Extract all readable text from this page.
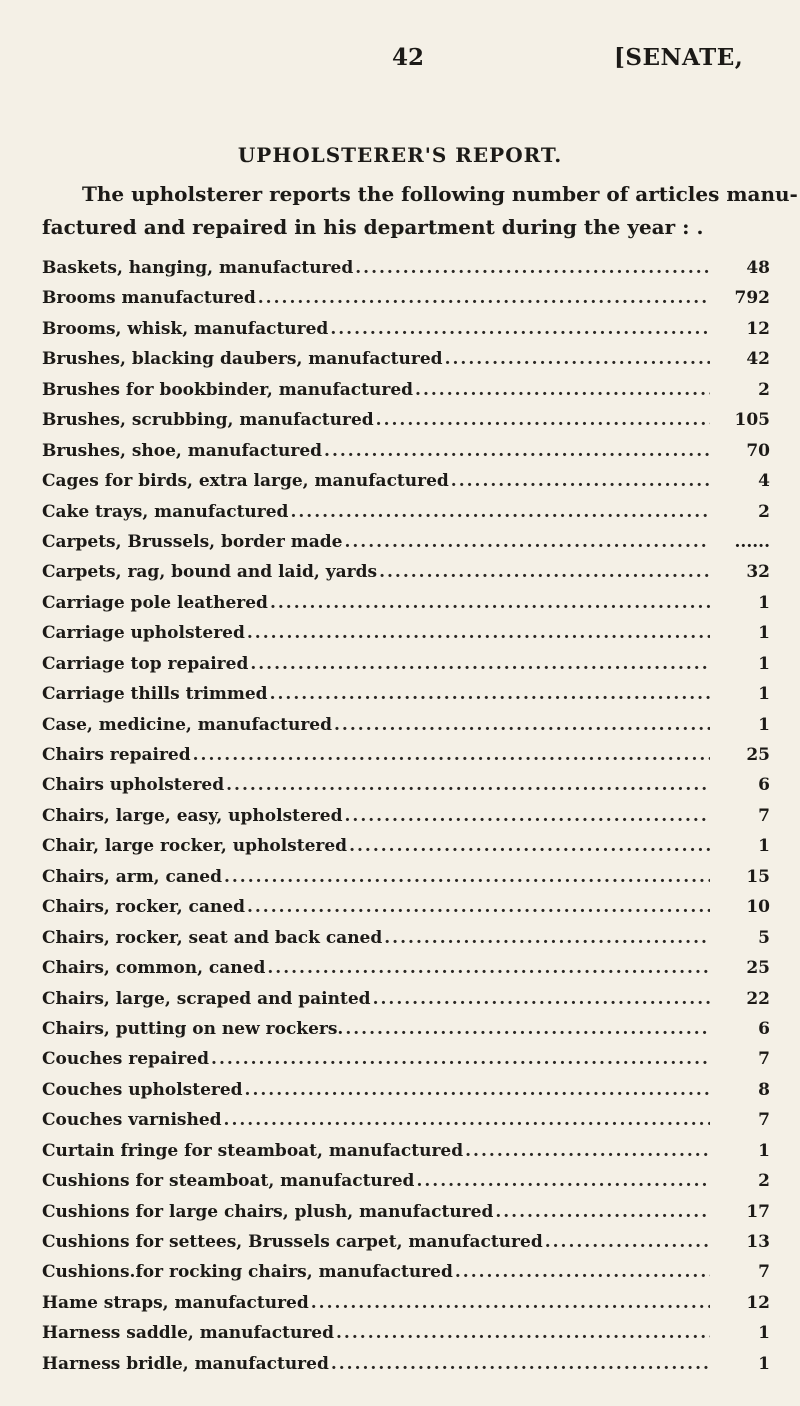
42	[SENATE,
UPHOLSTERER'S REPORT.
The upholsterer reports the following number of articles manu-
factured and repaired in his department during the year : .
Baskets, hanging, manufactured .....	48
Brooms manufactured .....	792
Brooms, whisk, manufactured .....	12
Brushes, blacking daubers, manufactured .....	42
Brushes for bookbinder, manufactured .....	2
Brushes, scrubbing, manufactured .....	105
Brushes, shoe, manufactured .....	70
Cages for birds, extra large, manufactured .....	4
Cake trays, manufactured .....	2
Carpets, Brussels, border made .....	......
Carpets, rag, bound and laid, yards .....	32
Carriage pole leathered .....	1
Carriage upholstered .....	1
Carriage top repaired .....	1
Carriage thills trimmed .....	1
Case, medicine, manufactured .....	1
Chairs repaired .....	25
Chairs upholstered .....	6
Chairs, large, easy, upholstered .....	7
Chair, large rocker, upholstered .....	1
Chairs, arm, caned .....	15
Chairs, rocker, caned .....	10
Chairs, rocker, seat and back caned .....	5
Chairs, common, caned .....	25
Chairs, large, scraped and painted .....	22
Chairs, putting on new rockers. .....	6
Couches repaired .....	7
Couches upholstered .....	8
Couches varnished .....	7
Curtain fringe for steamboat, manufactured .....	1
Cushions for steamboat, manufactured .....	2
Cushions for large chairs, plush, manufactured .....	17
Cushions for settees, Brussels carpet, manufactured .....	13
Cushions.for rocking chairs, manufactured .....	7
Hame straps, manufactured .....	12
Harness saddle, manufactured .....	1
Harness bridle, manufactured .....	1
